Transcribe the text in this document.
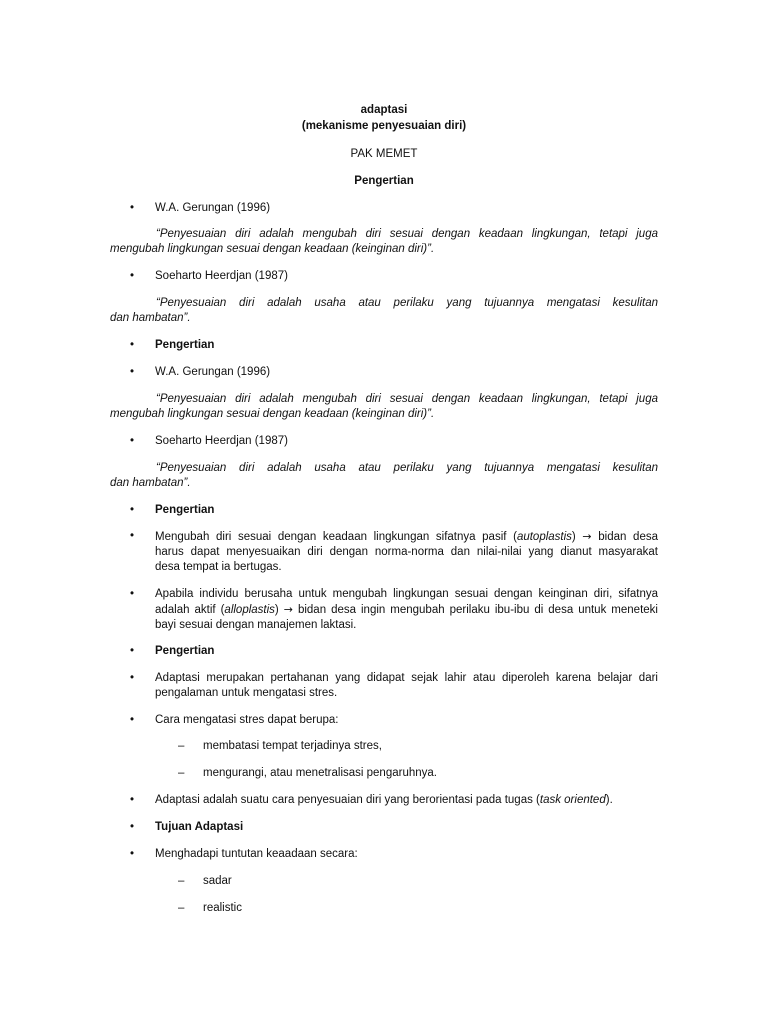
adaptasi
(mekanisme penyesuaian diri)
PAK MEMET
Pengertian
•	W.A. Gerungan (1996)
“Penyesuaian diri adalah mengubah diri sesuai dengan keadaan lingkungan, tetapi juga
mengubah lingkungan sesuai dengan keadaan (keinginan diri)”.
•	Soeharto Heerdjan (1987)
“Penyesuaian diri adalah usaha atau perilaku yang tujuannya mengatasi kesulitan
dan hambatan”.
•	Pengertian
•	W.A. Gerungan (1996)
“Penyesuaian diri adalah mengubah diri sesuai dengan keadaan lingkungan, tetapi juga
mengubah lingkungan sesuai dengan keadaan (keinginan diri)”.
•	Soeharto Heerdjan (1987)
“Penyesuaian diri adalah usaha atau perilaku yang tujuannya mengatasi kesulitan
dan hambatan”.
•	Pengertian
•	Mengubah diri sesuai dengan keadaan lingkungan sifatnya pasif (autoplastis) → bidan desa
harus dapat menyesuaikan diri dengan norma-norma dan nilai-nilai yang dianut masyarakat
desa tempat ia bertugas.
•	Apabila individu berusaha untuk mengubah lingkungan sesuai dengan keinginan diri, sifatnya
adalah aktif (alloplastis) → bidan desa ingin mengubah perilaku ibu-ibu di desa untuk meneteki
bayi sesuai dengan manajemen laktasi.
•	Pengertian
•	Adaptasi merupakan pertahanan yang didapat sejak lahir atau diperoleh karena belajar dari
pengalaman untuk mengatasi stres.
•	Cara mengatasi stres dapat berupa:
– membatasi tempat terjadinya stres,
– mengurangi, atau menetralisasi pengaruhnya.
•	Adaptasi adalah suatu cara penyesuaian diri yang berorientasi pada tugas (task oriented).
•	Tujuan Adaptasi
•	Menghadapi tuntutan keaadaan secara:
– sadar
– realistic
